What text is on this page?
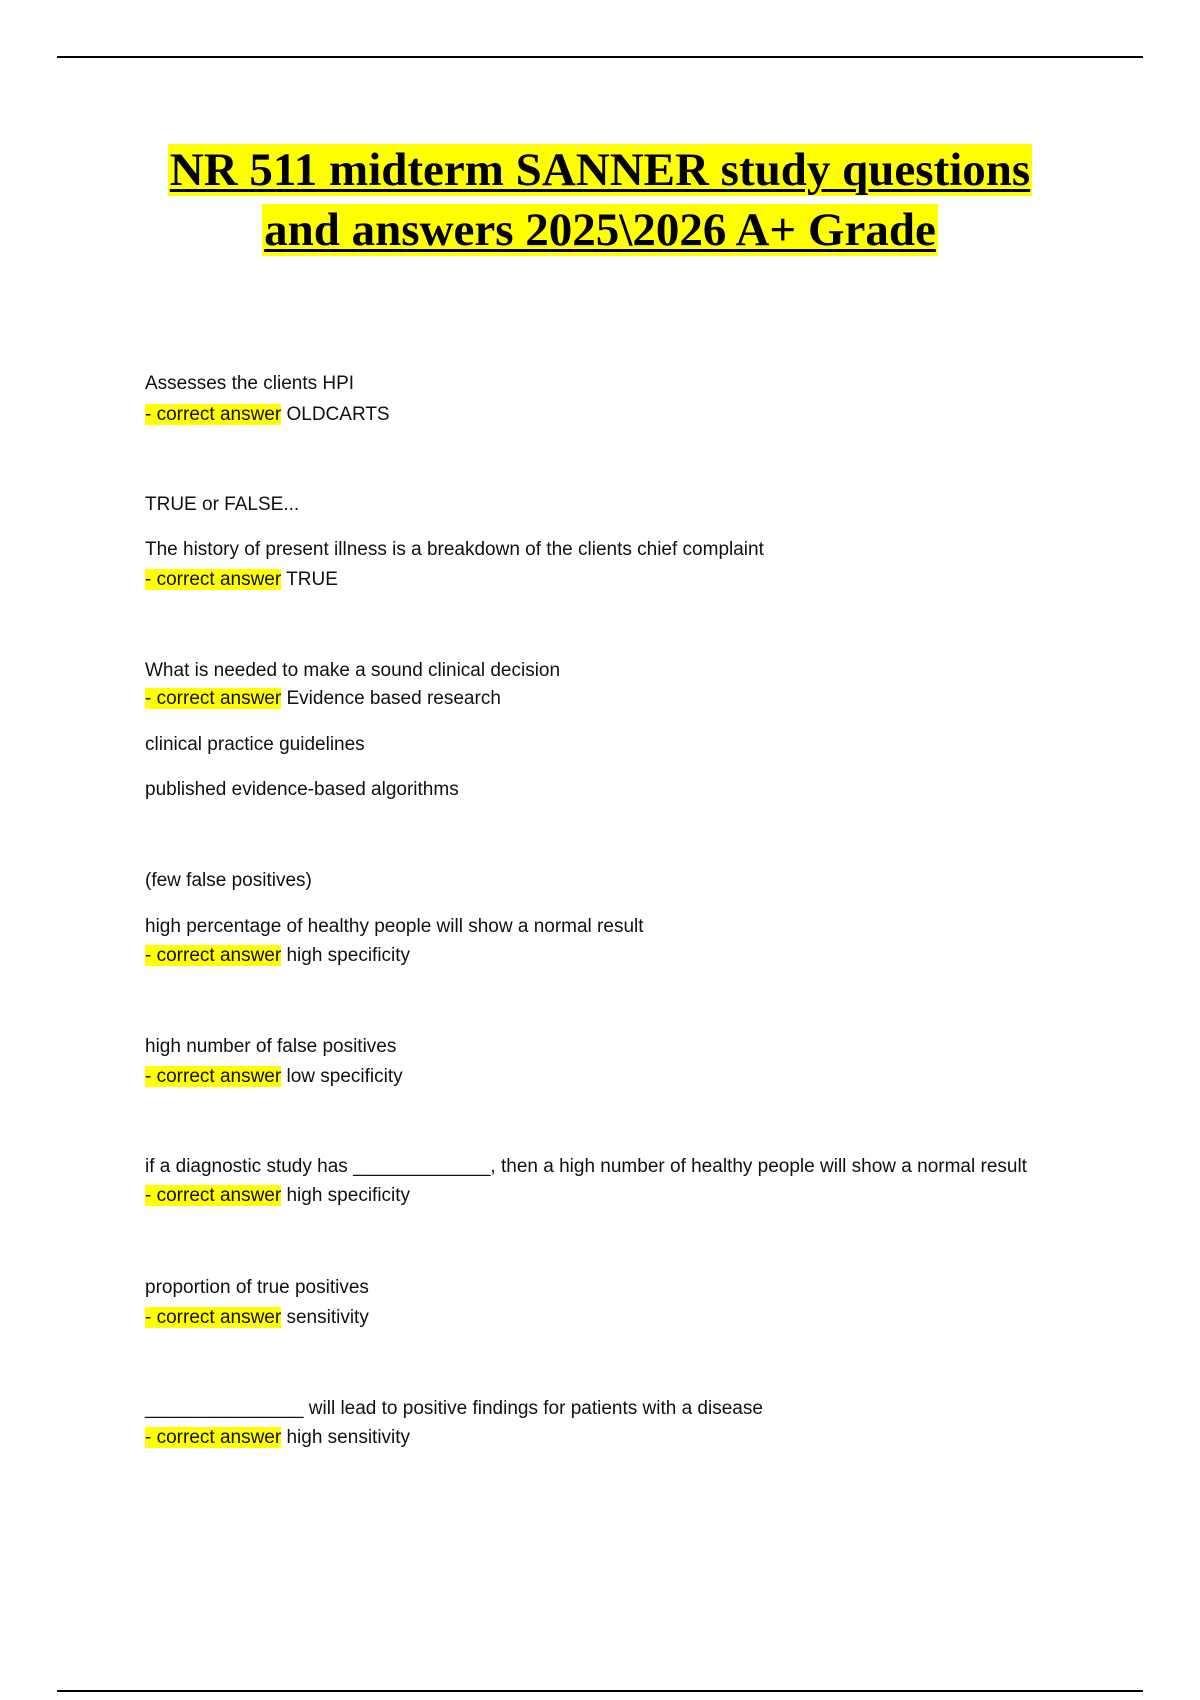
NR 511 midterm SANNER study questions

and answers 2025\2026 A+ Grade

Assesses the clients HPI
- correct answer OLDCARTS
TRUE or FALSE...
The history of present illness is a breakdown of the clients chief complaint
- correct answer TRUE
What is needed to make a sound clinical decision
- correct answer Evidence based research
clinical practice guidelines
published evidence-based algorithms
(few false positives)
high percentage of healthy people will show a normal result
- correct answer high specificity
high number of false positives
- correct answer low specificity
if a diagnostic study has _____________, then a high number of healthy people will show a normal result
- correct answer high specificity
proportion of true positives
- correct answer sensitivity
_______________ will lead to positive findings for patients with a disease
- correct answer high sensitivity
